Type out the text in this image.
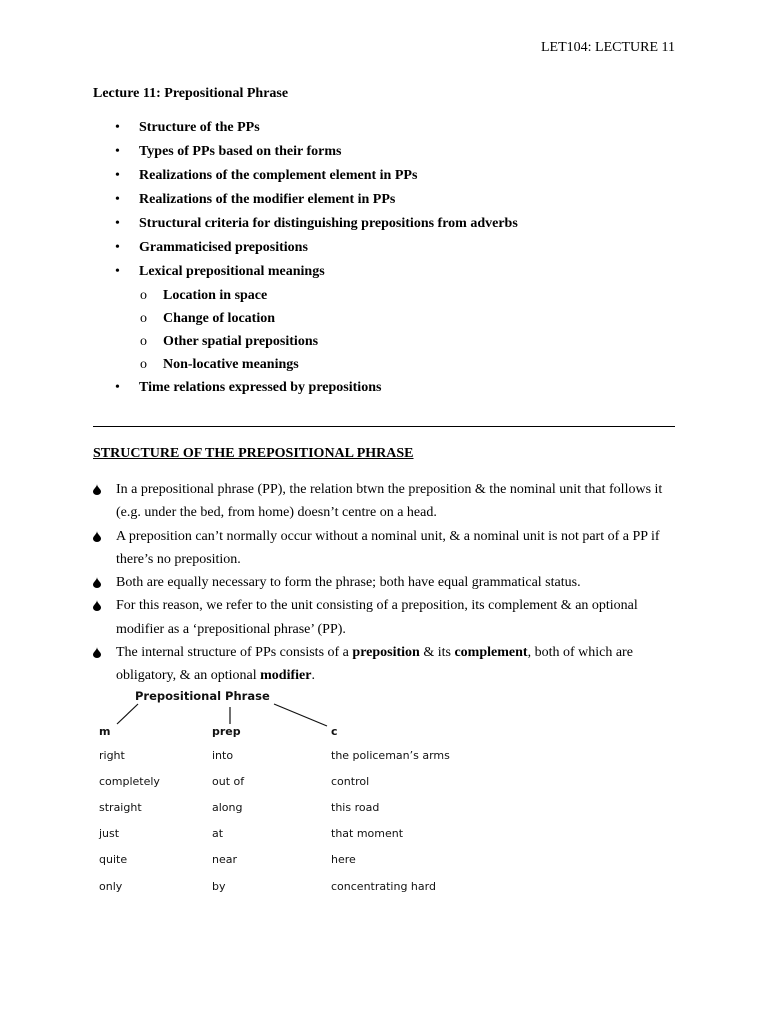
LET104: LECTURE 11
Lecture 11: Prepositional Phrase
• Structure of the PPs
• Types of PPs based on their forms
• Realizations of the complement element in PPs
• Realizations of the modifier element in PPs
• Structural criteria for distinguishing prepositions from adverbs
• Grammaticised prepositions
• Lexical prepositional meanings
o Location in space
o Change of location
o Other spatial prepositions
o Non-locative meanings
• Time relations expressed by prepositions
STRUCTURE OF THE PREPOSITIONAL PHRASE
In a prepositional phrase (PP), the relation btwn the preposition & the nominal unit that follows it (e.g. under the bed, from home) doesn’t centre on a head.
A preposition can’t normally occur without a nominal unit, & a nominal unit is not part of a PP if there’s no preposition.
Both are equally necessary to form the phrase; both have equal grammatical status.
For this reason, we refer to the unit consisting of a preposition, its complement & an optional modifier as a ‘prepositional phrase’ (PP).
The internal structure of PPs consists of a preposition & its complement, both of which are obligatory, & an optional modifier.
Prepositional Phrase
m	prep	c
right	into	the policeman’s arms
completely	out of	control
straight	along	this road
just	at	that moment
quite	near	here
only	by	concentrating hard
